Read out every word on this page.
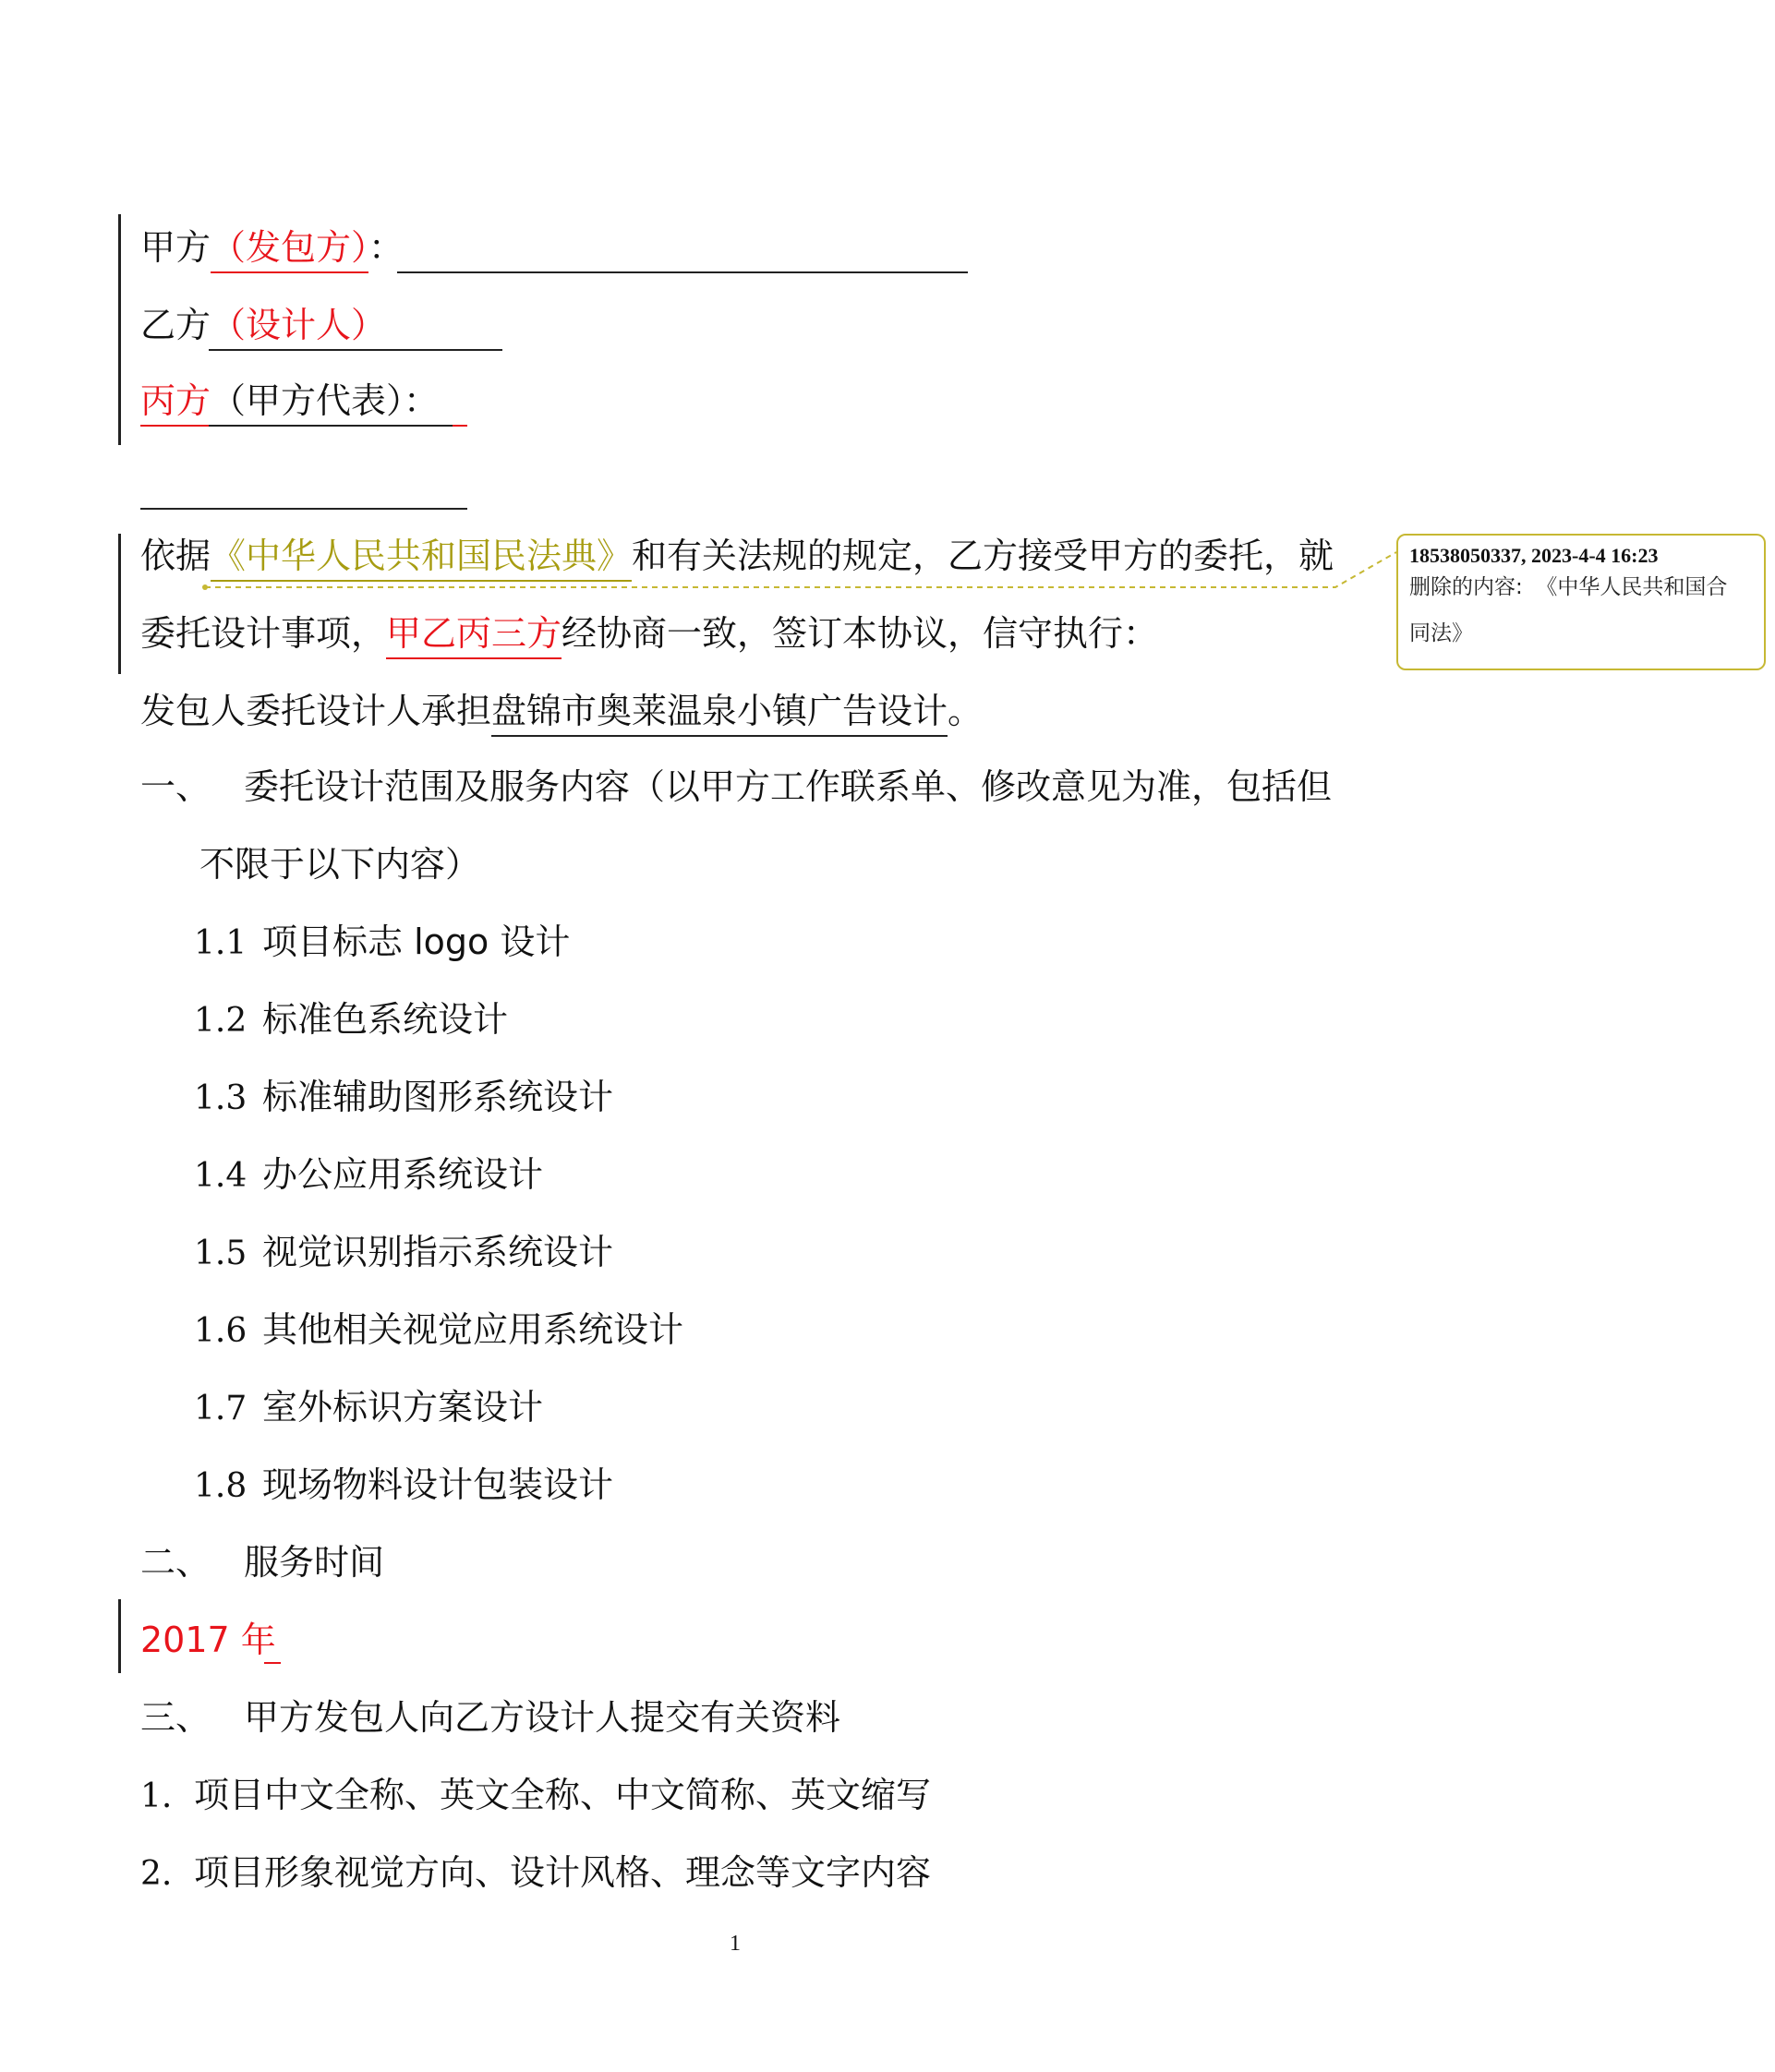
甲方（发包方）：
乙方（设计人）
丙方（甲方代表）：
依据《中华人民共和国民法典》和有关法规的规定，乙方接受甲方的委托，就
委托设计事项，甲乙丙三方经协商一致，签订本协议，信守执行：
发包人委托设计人承担盘锦市奥莱温泉小镇广告设计。
一、 委托设计范围及服务内容（以甲方工作联系单、修改意见为准，包括但
不限于以下内容）
1.1 项目标志 logo 设计
1.2 标准色系统设计
1.3 标准辅助图形系统设计
1.4 办公应用系统设计
1.5 视觉识别指示系统设计
1.6 其他相关视觉应用系统设计
1.7 室外标识方案设计
1.8 现场物料设计包装设计
二、 服务时间
2017 年
三、 甲方发包人向乙方设计人提交有关资料
1. 项目中文全称、英文全称、中文简称、英文缩写
2. 项目形象视觉方向、设计风格、理念等文字内容
18538050337, 2023-4-4 16:23
删除的内容: 《中华人民共和国合
同法》
1
